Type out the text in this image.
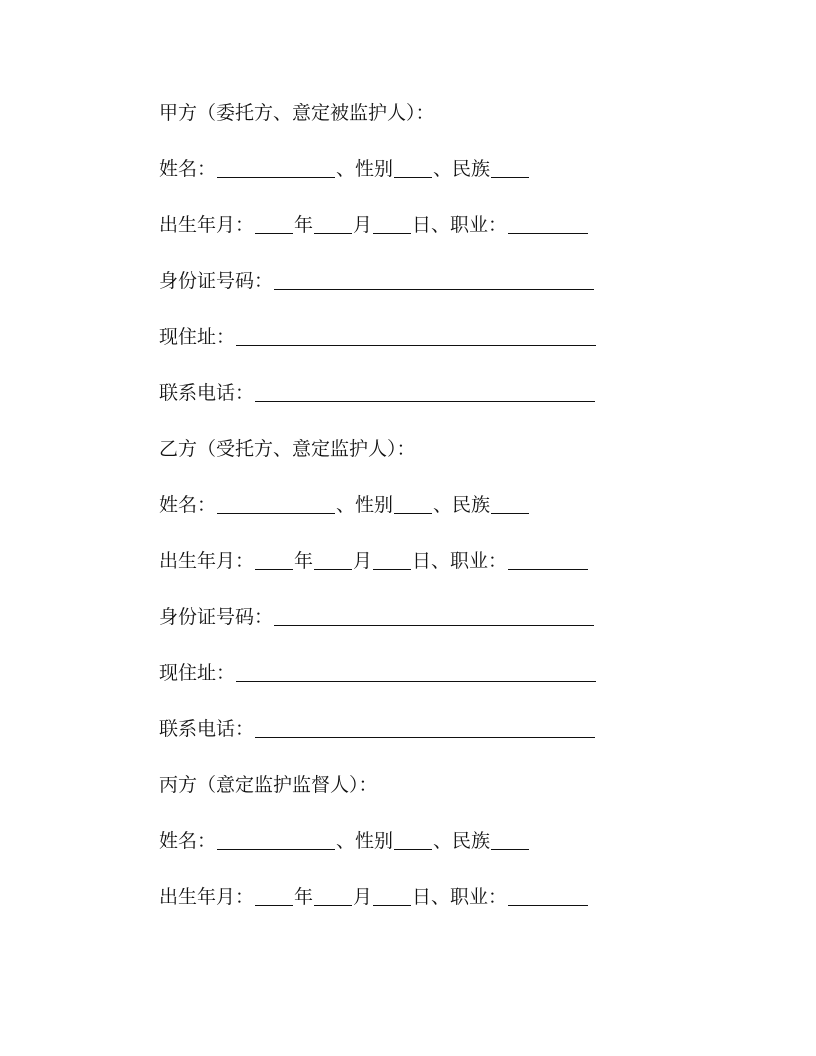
甲方（委托方、意定被监护人）：
姓名：	、性别 、民族
出生年月： 年 月 日、职业：
身份证号码：
现住址：
联系电话：
乙方（受托方、意定监护人）：
姓名：	、性别 、民族
出生年月： 年 月 日、职业：
身份证号码：
现住址：
联系电话：
丙方（意定监护监督人）：
姓名：	、性别 、民族
出生年月： 年 月 日、职业：
